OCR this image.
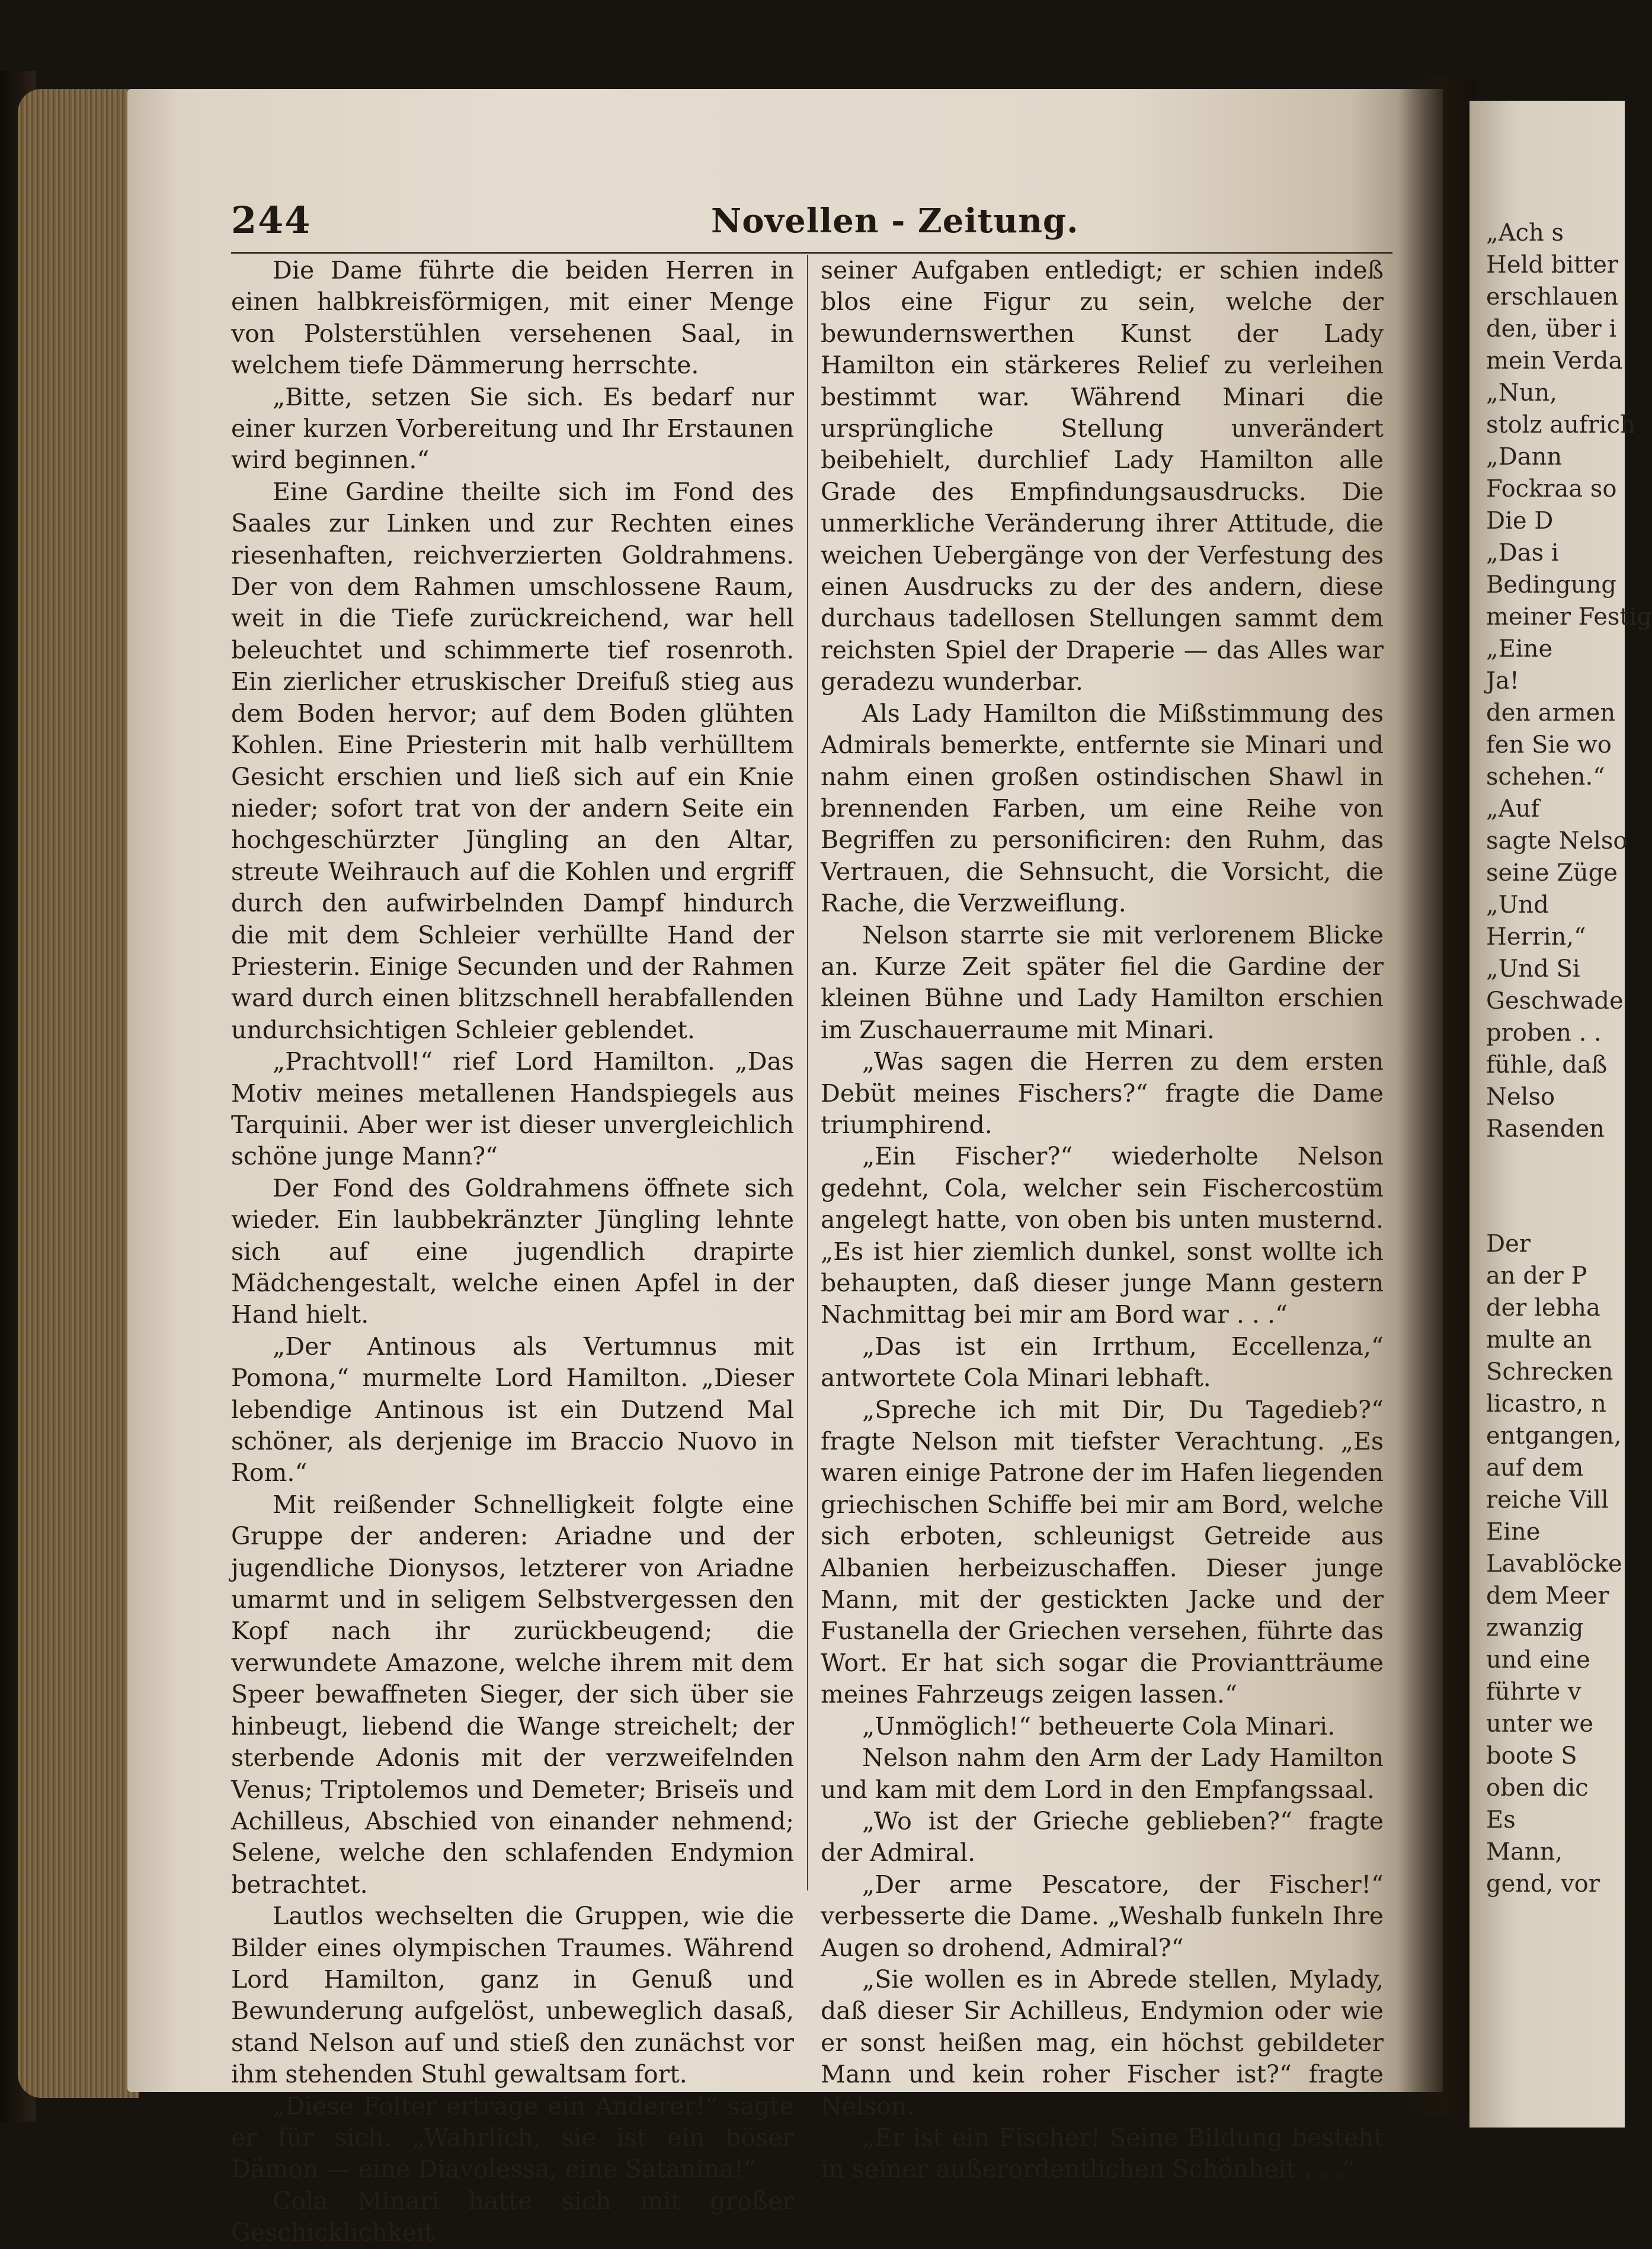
„Ach s
Held bitter
erschlauen
den, über i
mein Verda
„Nun,
stolz aufrich
„Dann
Fockraa so
Die D
„Das i
Bedingung
meiner Festig
„Eine
Ja!
den armen
fen Sie wo
schehen.“
„Auf
sagte Nelso
seine Züge
„Und
Herrin,“
„Und Si
Geschwade
proben . .
fühle, daß
Nelso
Rasenden
Der
an der P
der lebha
multe an
Schrecken
licastro, n
entgangen,
auf dem
reiche Vill
Eine
Lavablöcke
dem Meer
zwanzig
und eine
führte v
unter we
boote S
oben dic
Es
Mann,
gend, vor
244	Novellen - Zeitung.

Die Dame führte die beiden Herren in einen halbkreisförmigen, mit einer Menge von Polsterstühlen versehenen Saal, in welchem tiefe Dämmerung herrschte.

„Bitte, setzen Sie sich. Es bedarf nur einer kurzen Vorbereitung und Ihr Erstaunen wird beginnen.“

Eine Gardine theilte sich im Fond des Saales zur Linken und zur Rechten eines riesenhaften, reichverzierten Goldrahmens. Der von dem Rahmen umschlossene Raum, weit in die Tiefe zurückreichend, war hell beleuchtet und schimmerte tief rosenroth. Ein zierlicher etruskischer Dreifuß stieg aus dem Boden hervor; auf dem Boden glühten Kohlen. Eine Priesterin mit halb verhülltem Gesicht erschien und ließ sich auf ein Knie nieder; sofort trat von der andern Seite ein hochgeschürzter Jüngling an den Altar, streute Weihrauch auf die Kohlen und ergriff durch den aufwirbelnden Dampf hindurch die mit dem Schleier verhüllte Hand der Priesterin. Einige Secunden und der Rahmen ward durch einen blitzschnell herabfallenden undurchsichtigen Schleier geblendet.

„Prachtvoll!“ rief Lord Hamilton. „Das Motiv meines metallenen Handspiegels aus Tarquinii. Aber wer ist dieser unvergleichlich schöne junge Mann?“

Der Fond des Goldrahmens öffnete sich wieder. Ein laubbekränzter Jüngling lehnte sich auf eine jugendlich drapirte Mädchengestalt, welche einen Apfel in der Hand hielt.

„Der Antinous als Vertumnus mit Pomona,“ murmelte Lord Hamilton. „Dieser lebendige Antinous ist ein Dutzend Mal schöner, als derjenige im Braccio Nuovo in Rom.“

Mit reißender Schnelligkeit folgte eine Gruppe der anderen: Ariadne und der jugendliche Dionysos, letzterer von Ariadne umarmt und in seligem Selbstvergessen den Kopf nach ihr zurückbeugend; die verwundete Amazone, welche ihrem mit dem Speer bewaffneten Sieger, der sich über sie hinbeugt, liebend die Wange streichelt; der sterbende Adonis mit der verzweifelnden Venus; Triptolemos und Demeter; Briseïs und Achilleus, Abschied von einander nehmend; Selene, welche den schlafenden Endymion betrachtet.

Lautlos wechselten die Gruppen, wie die Bilder eines olympischen Traumes. Während Lord Hamilton, ganz in Genuß und Bewunderung aufgelöst, unbeweglich dasaß, stand Nelson auf und stieß den zunächst vor ihm stehenden Stuhl gewaltsam fort.

„Diese Folter ertrage ein Anderer!“ sagte er für sich. „Wahrlich, sie ist ein böser Dämon — eine Diavolessa, eine Satanina!“

Cola Minari hatte sich mit großer Geschicklichkeit

seiner Aufgaben entledigt; er schien indeß blos eine Figur zu sein, welche der bewundernswerthen Kunst der Lady Hamilton ein stärkeres Relief zu verleihen bestimmt war. Während Minari die ursprüngliche Stellung unverändert beibehielt, durchlief Lady Hamilton alle Grade des Empfindungsausdrucks. Die unmerkliche Veränderung ihrer Attitude, die weichen Uebergänge von der Verfestung des einen Ausdrucks zu der des andern, diese durchaus tadellosen Stellungen sammt dem reichsten Spiel der Draperie — das Alles war geradezu wunderbar.

Als Lady Hamilton die Mißstimmung des Admirals bemerkte, entfernte sie Minari und nahm einen großen ostindischen Shawl in brennenden Farben, um eine Reihe von Begriffen zu personificiren: den Ruhm, das Vertrauen, die Sehnsucht, die Vorsicht, die Rache, die Verzweiflung.

Nelson starrte sie mit verlorenem Blicke an. Kurze Zeit später fiel die Gardine der kleinen Bühne und Lady Hamilton erschien im Zuschauerraume mit Minari.

„Was sagen die Herren zu dem ersten Debüt meines Fischers?“ fragte die Dame triumphirend.

„Ein Fischer?“ wiederholte Nelson gedehnt, Cola, welcher sein Fischercostüm angelegt hatte, von oben bis unten musternd. „Es ist hier ziemlich dunkel, sonst wollte ich behaupten, daß dieser junge Mann gestern Nachmittag bei mir am Bord war . . .“

„Das ist ein Irrthum, Eccellenza,“ antwortete Cola Minari lebhaft.

„Spreche ich mit Dir, Du Tagedieb?“ fragte Nelson mit tiefster Verachtung. „Es waren einige Patrone der im Hafen liegenden griechischen Schiffe bei mir am Bord, welche sich erboten, schleunigst Getreide aus Albanien herbeizuschaffen. Dieser junge Mann, mit der gestickten Jacke und der Fustanella der Griechen versehen, führte das Wort. Er hat sich sogar die Proviantträume meines Fahrzeugs zeigen lassen.“

„Unmöglich!“ betheuerte Cola Minari.

Nelson nahm den Arm der Lady Hamilton und kam mit dem Lord in den Empfangssaal.

„Wo ist der Grieche geblieben?“ fragte der Admiral.

„Der arme Pescatore, der Fischer!“ verbesserte die Dame. „Weshalb funkeln Ihre Augen so drohend, Admiral?“

„Sie wollen es in Abrede stellen, Mylady, daß dieser Sir Achilleus, Endymion oder wie er sonst heißen mag, ein höchst gebildeter Mann und kein roher Fischer ist?“ fragte Nelson.

„Er ist ein Fischer! Seine Bildung besteht in seiner außerordentlichen Schönheit . . .“
